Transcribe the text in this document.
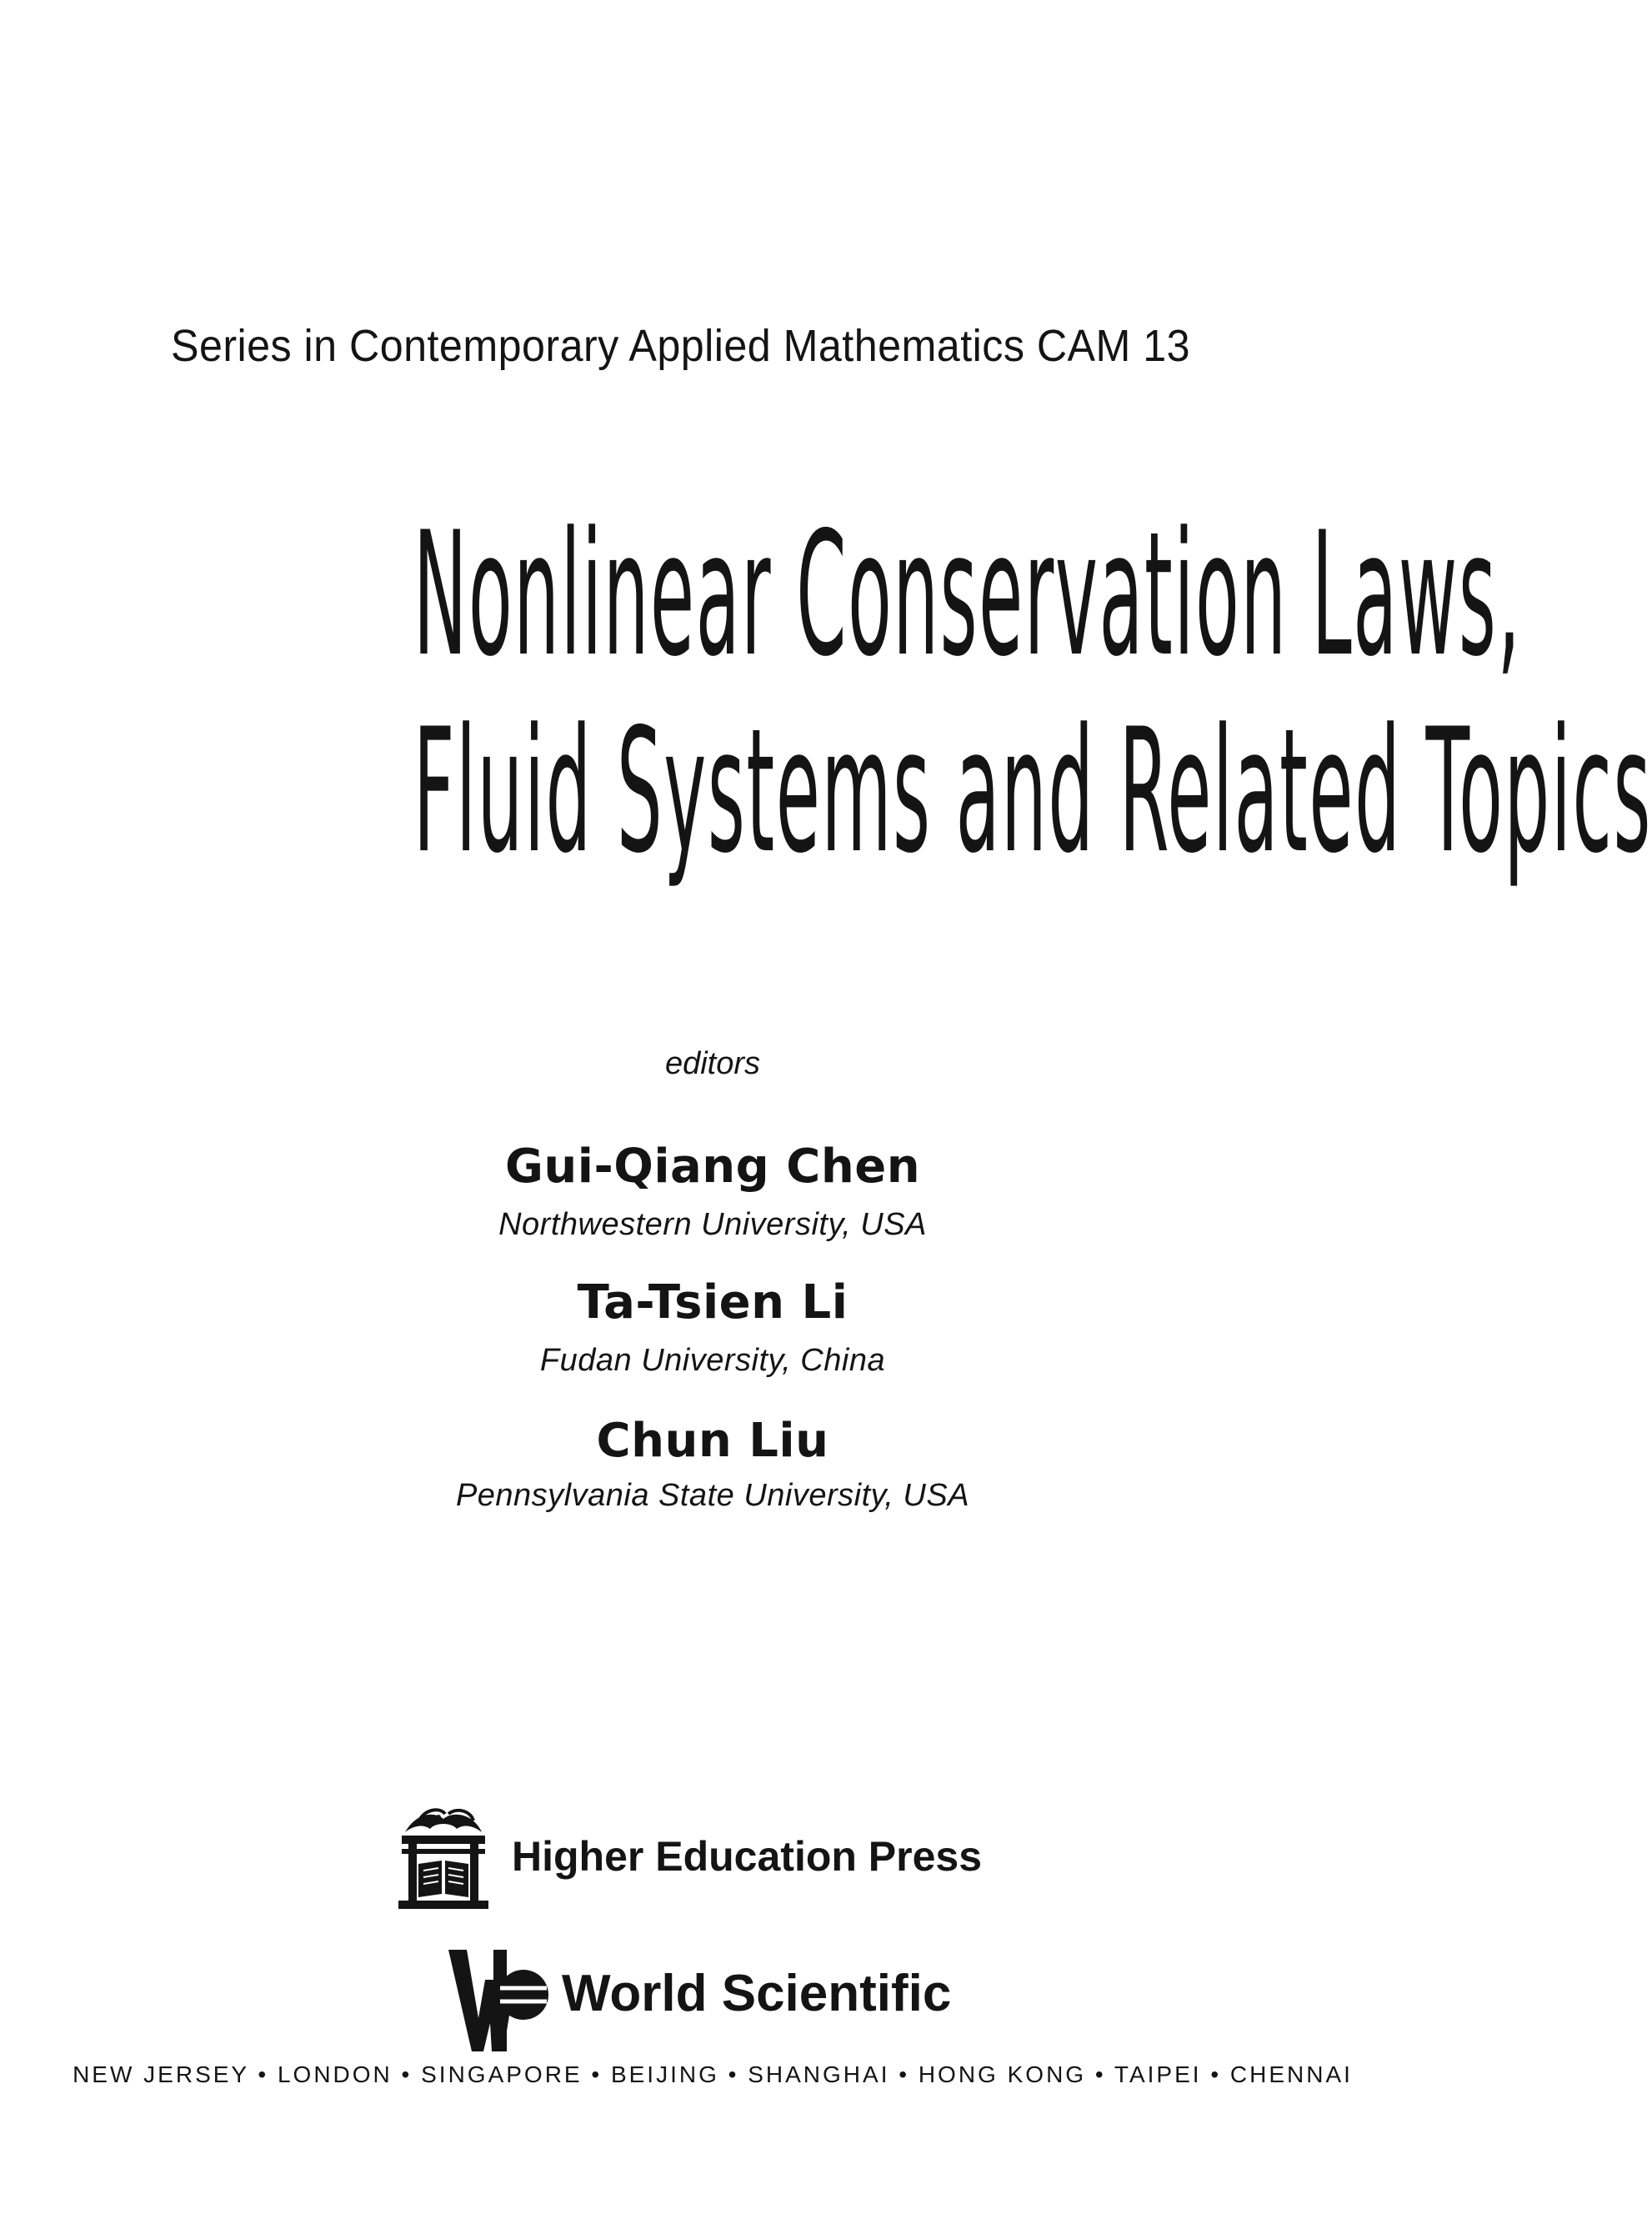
Series in Contemporary Applied Mathematics CAM 13
Nonlinear Conservation Laws,
Fluid Systems and Related Topics
editors
Gui-Qiang Chen
Northwestern University, USA
Ta-Tsien Li
Fudan University, China
Chun Liu
Pennsylvania State University, USA
Higher Education Press
World Scientific
NEW JERSEY • LONDON • SINGAPORE • BEIJING • SHANGHAI • HONG KONG • TAIPEI • CHENNAI
